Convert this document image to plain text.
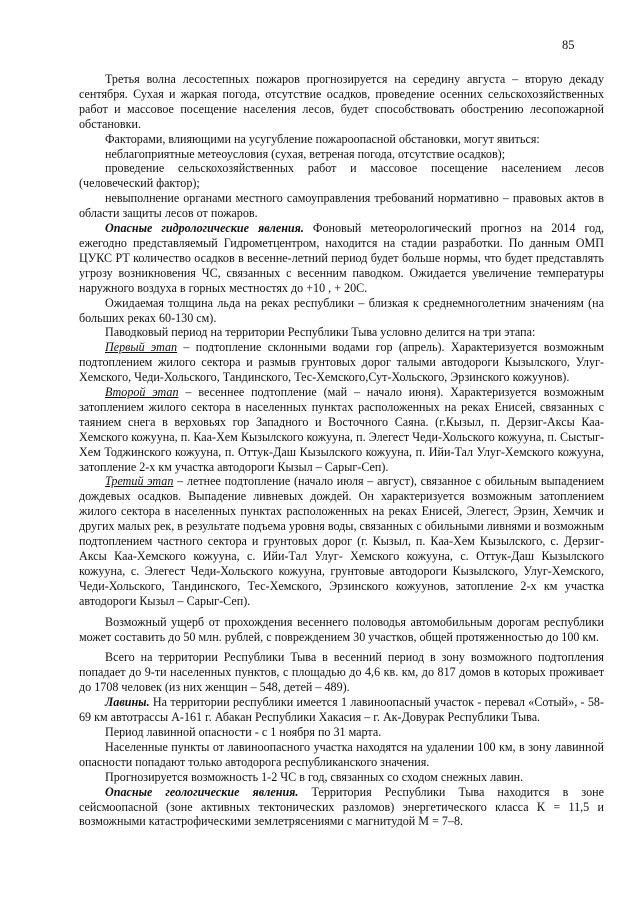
85

Третья волна лесостепных пожаров прогнозируется на середину августа – вторую декаду сентября. Сухая и жаркая погода, отсутствие осадков, проведение осенних сельскохозяйственных работ и массовое посещение населения лесов, будет способствовать обострению лесопожарной обстановки.

Факторами, влияющими на усугубление пожароопасной обстановки, могут явиться:

неблагоприятные метеоусловия (сухая, ветреная погода, отсутствие осадков);

проведение сельскохозяйственных работ и массовое посещение населением лесов (человеческий фактор);

невыполнение органами местного самоуправления требований нормативно – правовых актов в области защиты лесов от пожаров.

Опасные гидрологические явления. Фоновый метеорологический прогноз на 2014 год, ежегодно представляемый Гидрометцентром, находится на стадии разработки. По данным ОМП ЦУКС РТ количество осадков в весенне-летний период будет больше нормы, что будет представлять угрозу возникновения ЧС, связанных с весенним паводком. Ожидается увеличение температуры наружного воздуха в горных местностях до +10 , + 20С.

Ожидаемая толщина льда на реках республики – близкая к среднемноголетним значениям (на больших реках 60-130 см).

Паводковый период на территории Республики Тыва условно делится на три этапа:

Первый этап – подтопление склонными водами гор (апрель). Характеризуется возможным подтоплением жилого сектора и размыв грунтовых дорог талыми автодороги Кызылского, Улуг-Хемского, Чеди-Хольского, Тандинского, Тес-Хемского,Сут-Хольского, Эрзинского кожуунов).

Второй этап – весеннее подтопление (май – начало июня). Характеризуется возможным затоплением жилого сектора в населенных пунктах расположенных на реках Енисей, связанных с таянием снега в верховьях гор Западного и Восточного Саяна. (г.Кызыл, п. Дерзиг-Аксы Каа-Хемского кожууна, п. Каа-Хем Кызылского кожууна, п. Элегест Чеди-Хольского кожууна, п. Сыстыг-Хем Тоджинского кожууна, п. Оттук-Даш Кызылского кожууна, п. Ийи-Тал Улуг-Хемского кожууна, затопление 2-х км участка автодороги Кызыл – Сарыг-Сеп).

Третий этап – летнее подтопление (начало июля – август), связанное с обильным выпадением дождевых осадков. Выпадение ливневых дождей. Он характеризуется возможным затоплением жилого сектора в населенных пунктах расположенных на реках Енисей, Элегест, Эрзин, Хемчик и других малых рек, в результате подъема уровня воды, связанных с обильными ливнями и возможным подтоплением частного сектора и грунтовых дорог (г. Кызыл, п. Каа-Хем Кызылского, с. Дерзиг-Аксы Каа-Хемского кожууна, с. Ийи-Тал Улуг- Хемского кожууна, с. Оттук-Даш Кызылского кожууна, с. Элегест Чеди-Хольского кожууна, грунтовые автодороги Кызылского, Улуг-Хемского, Чеди-Хольского, Тандинского, Тес-Хемского, Эрзинского кожуунов, затопление 2-х км участка автодороги Кызыл – Сарыг-Сеп).

Возможный ущерб от прохождения весеннего половодья автомобильным дорогам республики может составить до 50 млн. рублей, с повреждением 30 участков, общей протяженностью до 100 км.

Всего на территории Республики Тыва в весенний период в зону возможного подтопления попадает до 9-ти населенных пунктов, с площадью до 4,6 кв. км, до 817 домов в которых проживает до 1708 человек (из них женщин – 548, детей – 489).

Лавины. На территории республики имеется 1 лавиноопасный участок - перевал «Сотый», - 58-69 км автотрассы А-161 г. Абакан Республики Хакасия – г. Ак-Довурак Республики Тыва.

Период лавинной опасности - с 1 ноября по 31 марта.

Населенные пункты от лавиноопасного участка находятся на удалении 100 км, в зону лавинной опасности попадают только автодорога республиканского значения.

Прогнозируется возможность 1-2 ЧС в год, связанных со сходом снежных лавин.

Опасные геологические явления. Территория Республики Тыва находится в зоне сейсмоопасной (зоне активных тектонических разломов) энергетического класса К = 11,5 и возможными катастрофическими землетрясениями с магнитудой М = 7–8.
